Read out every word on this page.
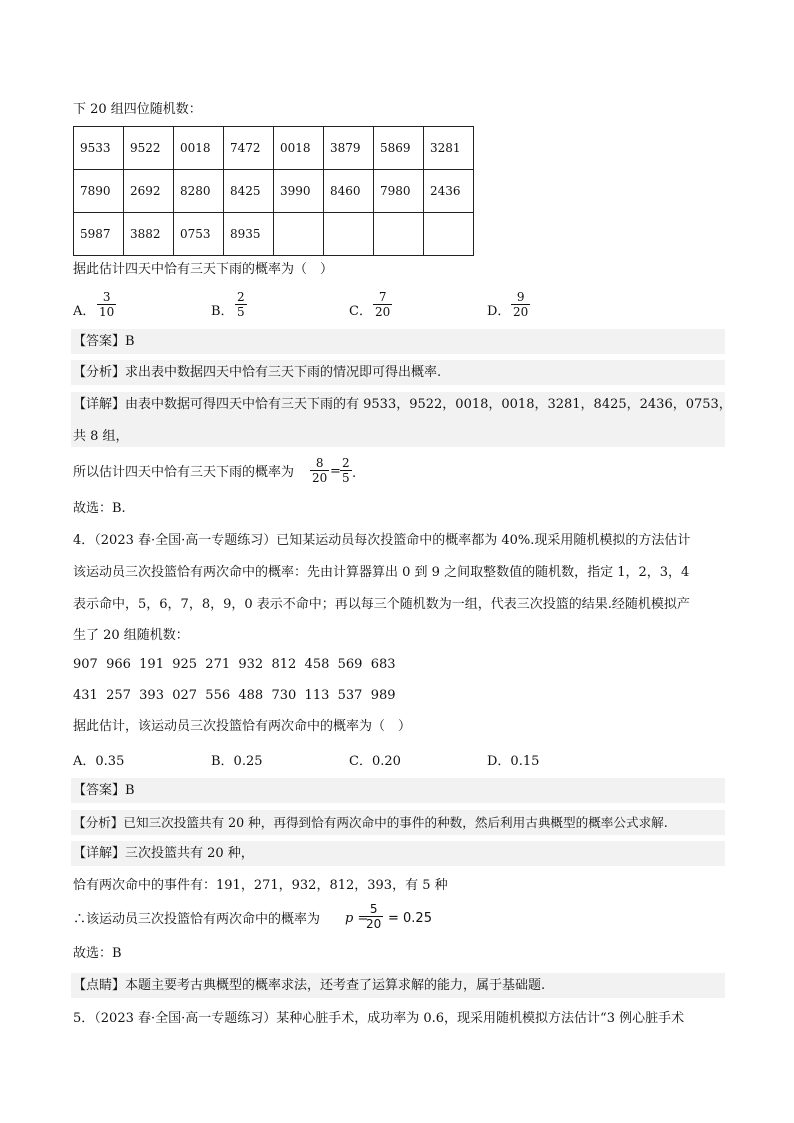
下 20 组四位随机数：
9533	9522	0018	7472	0018	3879	5869	3281
7890	2692	8280	8425	3990	8460	7980	2436
5987	3882	0753	8935				
据此估计四天中恰有三天下雨的概率为（　）
A．
3
10	B．
2
5	C．
7
20	D．
9
20
【答案】B
【分析】求出表中数据四天中恰有三天下雨的情况即可得出概率.
【详解】由表中数据可得四天中恰有三天下雨的有 9533，9522，0018，0018，3281，8425，2436，0753，
共 8 组，
所以估计四天中恰有三天下雨的概率为
8
20 =
2
5 .
故选：B.
4．（2023 春·全国·高一专题练习）已知某运动员每次投篮命中的概率都为 40%.现采用随机模拟的方法估计
该运动员三次投篮恰有两次命中的概率：先由计算器算出 0 到 9 之间取整数值的随机数，指定 1，2，3，4
表示命中，5，6，7，8，9，0 表示不命中；再以每三个随机数为一组，代表三次投篮的结果.经随机模拟产
生了 20 组随机数：
907  966  191  925  271  932  812  458  569  683
431  257  393  027  556  488  730  113  537  989
据此估计，该运动员三次投篮恰有两次命中的概率为（　）
A．0.35	B．0.25	C．0.20	D．0.15
【答案】B
【分析】已知三次投篮共有 20 种，再得到恰有两次命中的事件的种数，然后利用古典概型的概率公式求解.
【详解】三次投篮共有 20 种，
恰有两次命中的事件有：191，271，932，812，393，有 5 种
∴该运动员三次投篮恰有两次命中的概率为 p =
5
20 = 0.25
故选：B
【点睛】本题主要考古典概型的概率求法，还考查了运算求解的能力，属于基础题.
5．（2023 春·全国·高一专题练习）某种心脏手术，成功率为 0.6，现采用随机模拟方法估计“3 例心脏手术
